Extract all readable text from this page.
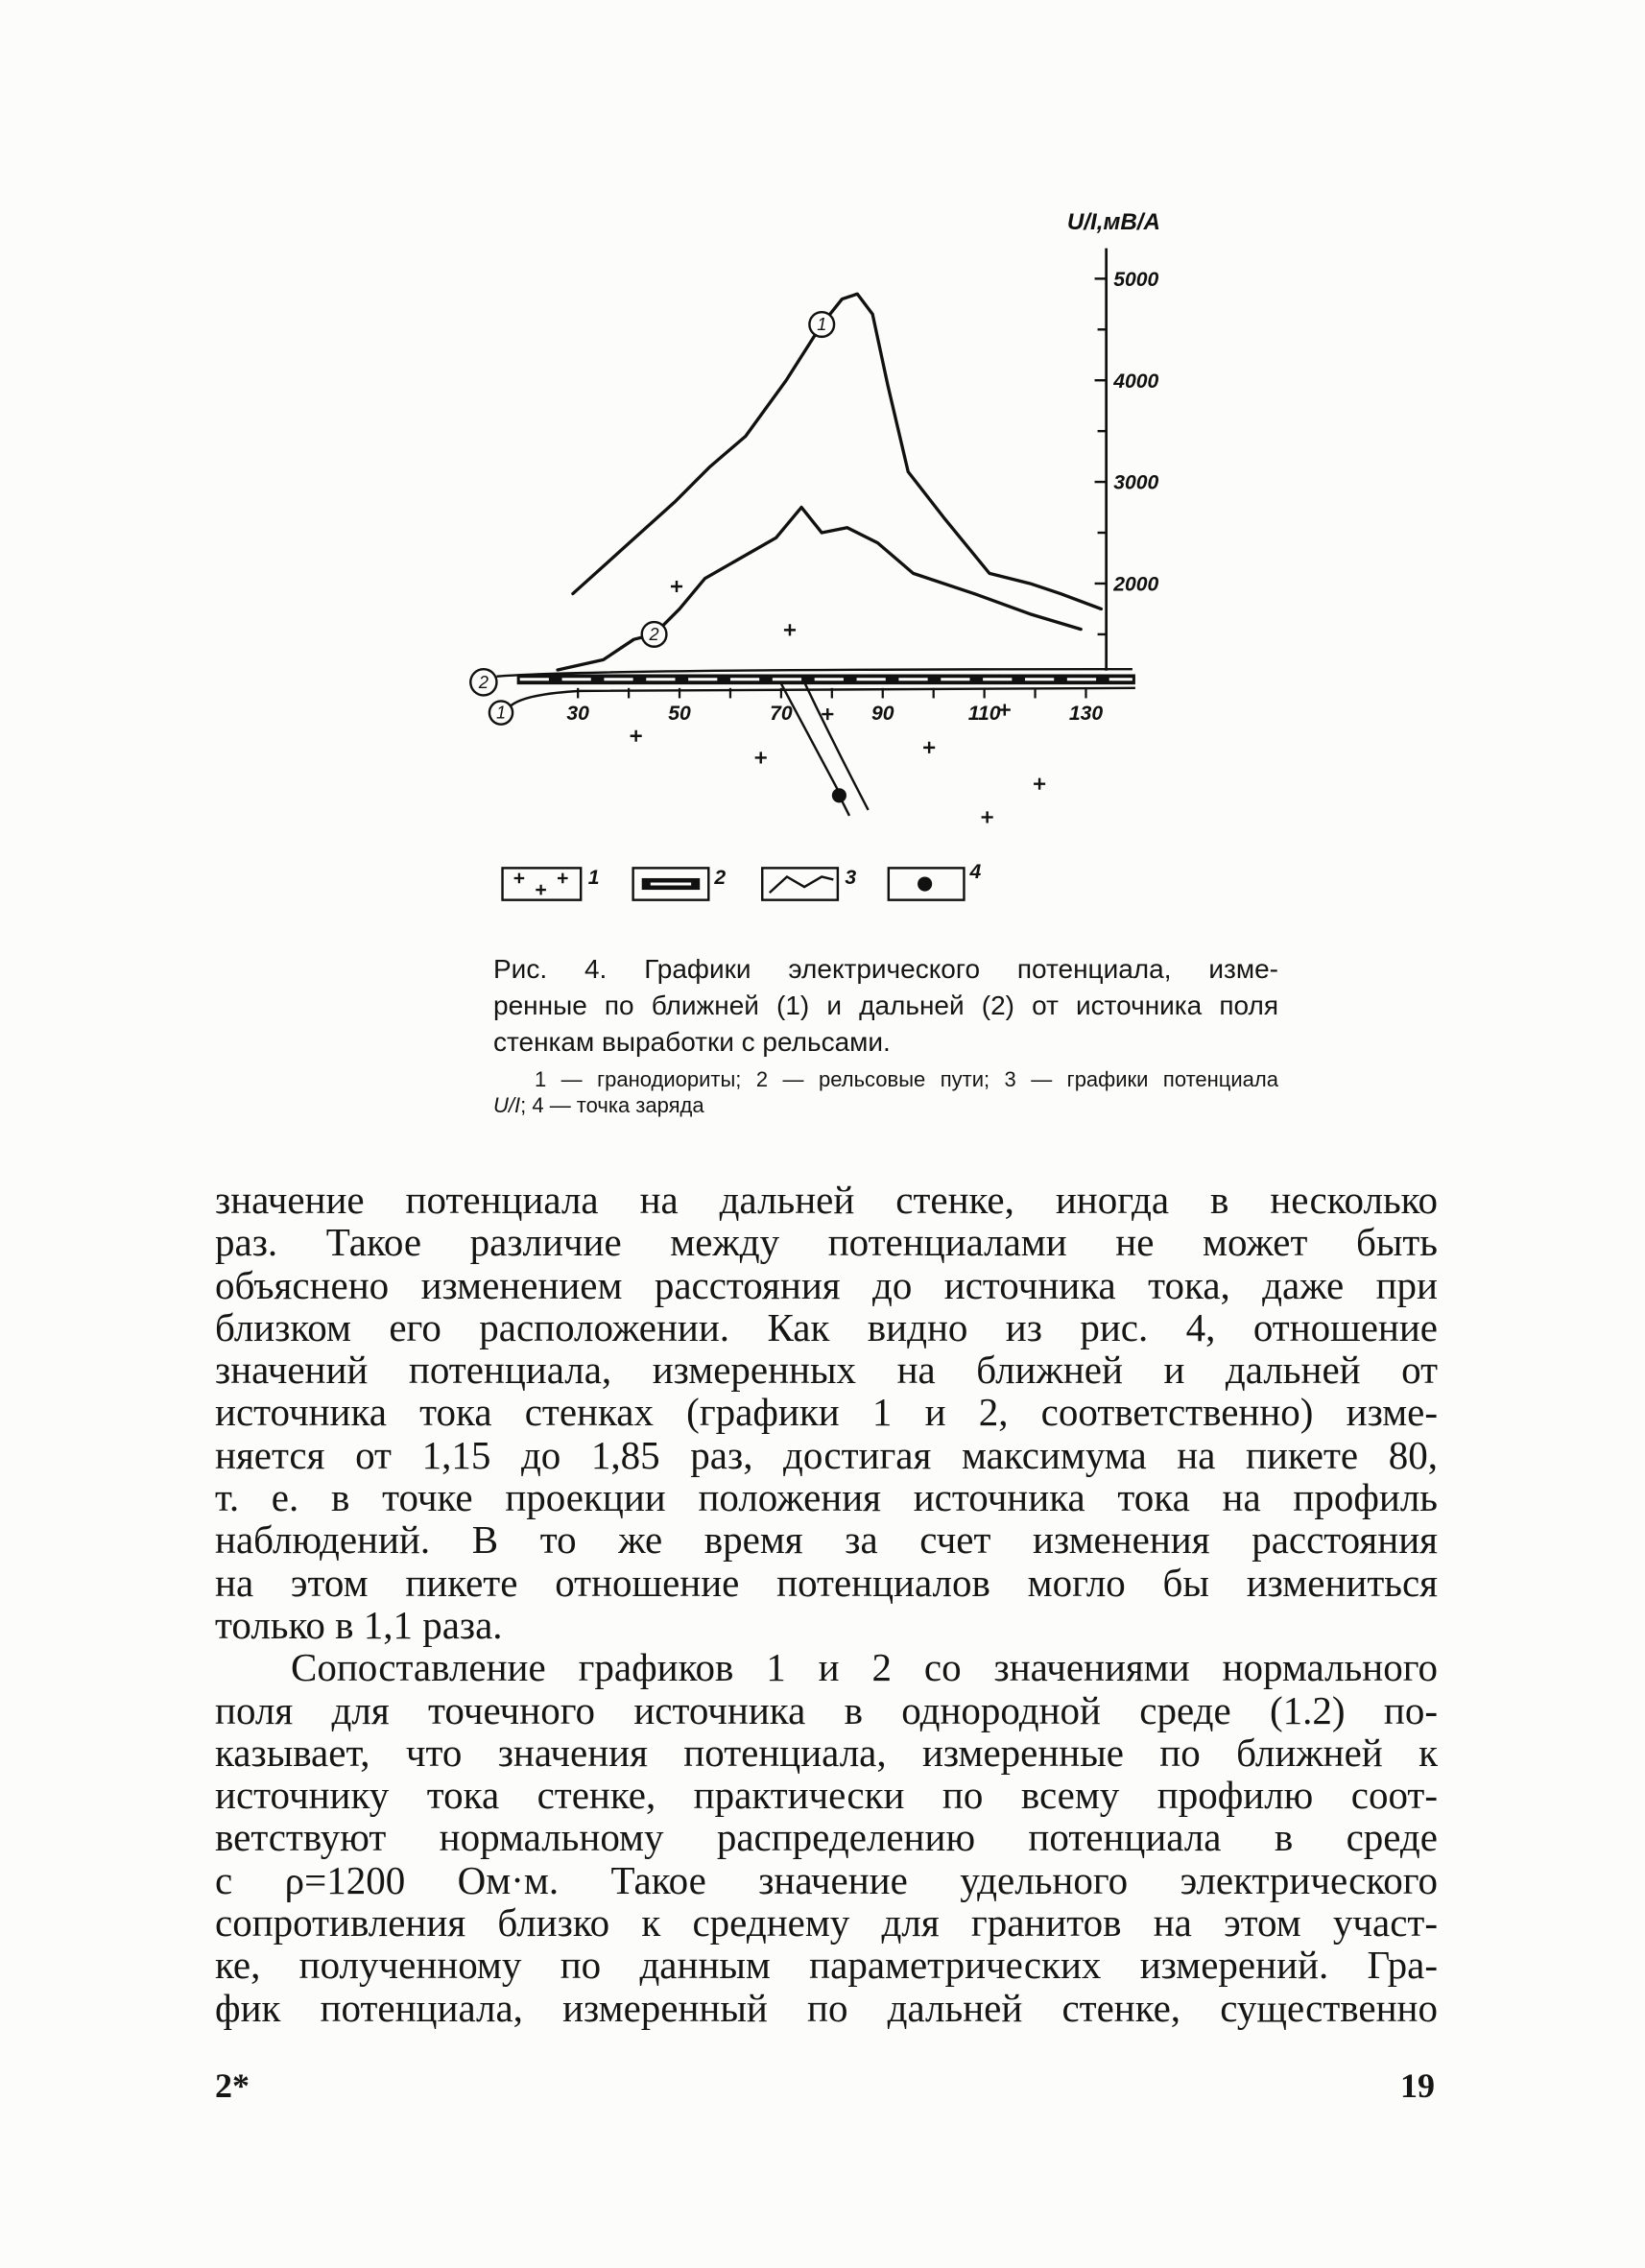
1
2
2000
3000
4000
5000
U/I,мВ/А
30	50	70	90	110	130
2
1
1	2	3	4
Рис. 4. Графики электрического потенциала, изме-
ренные по ближней (1) и дальней (2) от источника поля
стенкам выработки с рельсами.
1 — гранодиориты; 2 — рельсовые пути; 3 — графики потенциала
U/I; 4 — точка заряда
значение потенциала на дальней стенке, иногда в несколько
раз. Такое различие между потенциалами не может быть
объяснено изменением расстояния до источника тока, даже при
близком его расположении. Как видно из рис. 4, отношение
значений потенциала, измеренных на ближней и дальней от
источника тока стенках (графики 1 и 2, соответственно) изме-
няется от 1,15 до 1,85 раз, достигая максимума на пикете 80,
т. е. в точке проекции положения источника тока на профиль
наблюдений. В то же время за счет изменения расстояния
на этом пикете отношение потенциалов могло бы измениться
только в 1,1 раза.
Сопоставление графиков 1 и 2 со значениями нормального
поля для точечного источника в однородной среде (1.2) по-
казывает, что значения потенциала, измеренные по ближней к
источнику тока стенке, практически по всему профилю соот-
ветствуют нормальному распределению потенциала в среде
с ρ=1200 Ом·м. Такое значение удельного электрического
сопротивления близко к среднему для гранитов на этом участ-
ке, полученному по данным параметрических измерений. Гра-
фик потенциала, измеренный по дальней стенке, существенно
2*	19
